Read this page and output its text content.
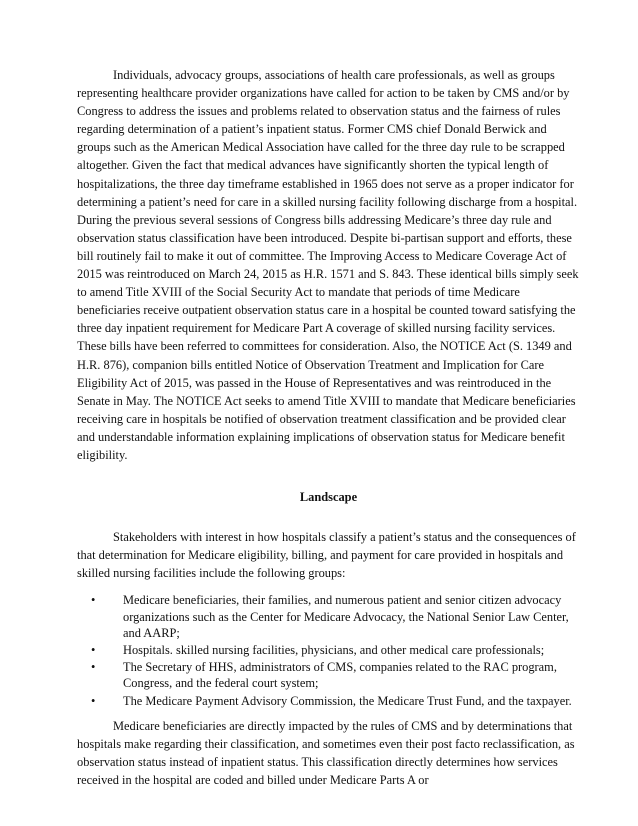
Individuals, advocacy groups, associations of health care professionals, as well as groups representing healthcare provider organizations have called for action to be taken by CMS and/or by Congress to address the issues and problems related to observation status and the fairness of rules regarding determination of a patient’s inpatient status. Former CMS chief Donald Berwick and groups such as the American Medical Association have called for the three day rule to be scrapped altogether. Given the fact that medical advances have significantly shorten the typical length of hospitalizations, the three day timeframe established in 1965 does not serve as a proper indicator for determining a patient’s need for care in a skilled nursing facility following discharge from a hospital. During the previous several sessions of Congress bills addressing Medicare’s three day rule and observation status classification have been introduced. Despite bi-partisan support and efforts, these bill routinely fail to make it out of committee. The Improving Access to Medicare Coverage Act of 2015 was reintroduced on March 24, 2015 as H.R. 1571 and S. 843. These identical bills simply seek to amend Title XVIII of the Social Security Act to mandate that periods of time Medicare beneficiaries receive outpatient observation status care in a hospital be counted toward satisfying the three day inpatient requirement for Medicare Part A coverage of skilled nursing facility services. These bills have been referred to committees for consideration. Also, the NOTICE Act (S. 1349 and H.R. 876), companion bills entitled Notice of Observation Treatment and Implication for Care Eligibility Act of 2015, was passed in the House of Representatives and was reintroduced in the Senate in May. The NOTICE Act seeks to amend Title XVIII to mandate that Medicare beneficiaries receiving care in hospitals be notified of observation treatment classification and be provided clear and understandable information explaining implications of observation status for Medicare benefit eligibility.

Landscape

Stakeholders with interest in how hospitals classify a patient’s status and the consequences of that determination for Medicare eligibility, billing, and payment for care provided in hospitals and skilled nursing facilities include the following groups:

• Medicare beneficiaries, their families, and numerous patient and senior citizen advocacy organizations such as the Center for Medicare Advocacy, the National Senior Law Center, and AARP;
• Hospitals. skilled nursing facilities, physicians, and other medical care professionals;
• The Secretary of HHS, administrators of CMS, companies related to the RAC program, Congress, and the federal court system;
• The Medicare Payment Advisory Commission, the Medicare Trust Fund, and the taxpayer.

Medicare beneficiaries are directly impacted by the rules of CMS and by determinations that hospitals make regarding their classification, and sometimes even their post facto reclassification, as observation status instead of inpatient status. This classification directly determines how services received in the hospital are coded and billed under Medicare Parts A or
